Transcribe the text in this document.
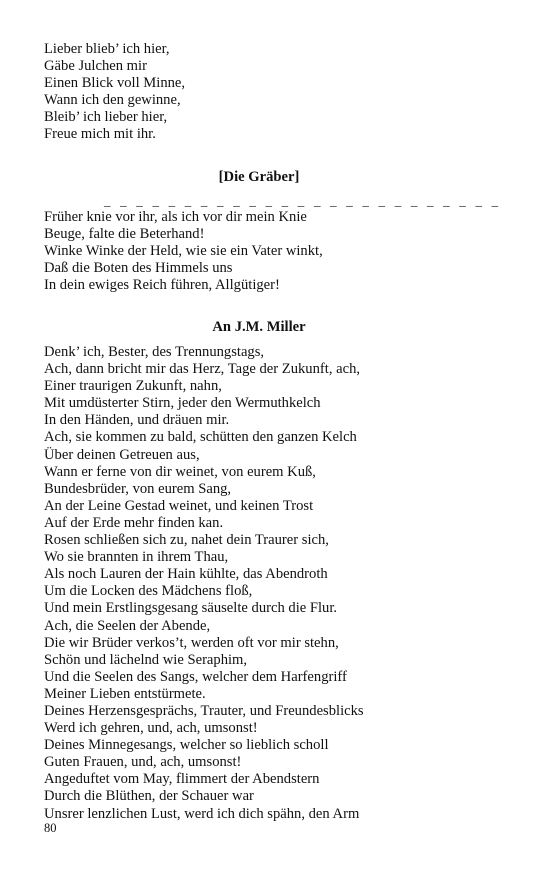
Lieber blieb’ ich hier,
Gäbe Julchen mir
Einen Blick voll Minne,
Wann ich den gewinne,
Bleib’ ich lieber hier,
Freue mich mit ihr.
[Die Gräber]
_ _ _ _ _ _ _ _ _ _ _ _ _ _ _ _ _ _ _ _ _ _ _ _ _
Früher knie vor ihr, als ich vor dir mein Knie
Beuge, falte die Beterhand!
Winke Winke der Held, wie sie ein Vater winkt,
Daß die Boten des Himmels uns
In dein ewiges Reich führen, Allgütiger!
An J.M. Miller
Denk’ ich, Bester, des Trennungstags,
Ach, dann bricht mir das Herz, Tage der Zukunft, ach,
Einer traurigen Zukunft, nahn,
Mit umdüsterter Stirn, jeder den Wermuthkelch
In den Händen, und dräuen mir.
Ach, sie kommen zu bald, schütten den ganzen Kelch
Über deinen Getreuen aus,
Wann er ferne von dir weinet, von eurem Kuß,
Bundesbrüder, von eurem Sang,
An der Leine Gestad weinet, und keinen Trost
Auf der Erde mehr finden kan.
Rosen schließen sich zu, nahet dein Traurer sich,
Wo sie brannten in ihrem Thau,
Als noch Lauren der Hain kühlte, das Abendroth
Um die Locken des Mädchens floß,
Und mein Erstlingsgesang säuselte durch die Flur.
Ach, die Seelen der Abende,
Die wir Brüder verkos’t, werden oft vor mir stehn,
Schön und lächelnd wie Seraphim,
Und die Seelen des Sangs, welcher dem Harfengriff
Meiner Lieben entstürmete.
Deines Herzensgesprächs, Trauter, und Freundesblicks
Werd ich gehren, und, ach, umsonst!
Deines Minnegesangs, welcher so lieblich scholl
Guten Frauen, und, ach, umsonst!
Angeduftet vom May, flimmert der Abendstern
Durch die Blüthen, der Schauer war
Unsrer lenzlichen Lust, werd ich dich spähn, den Arm
80
